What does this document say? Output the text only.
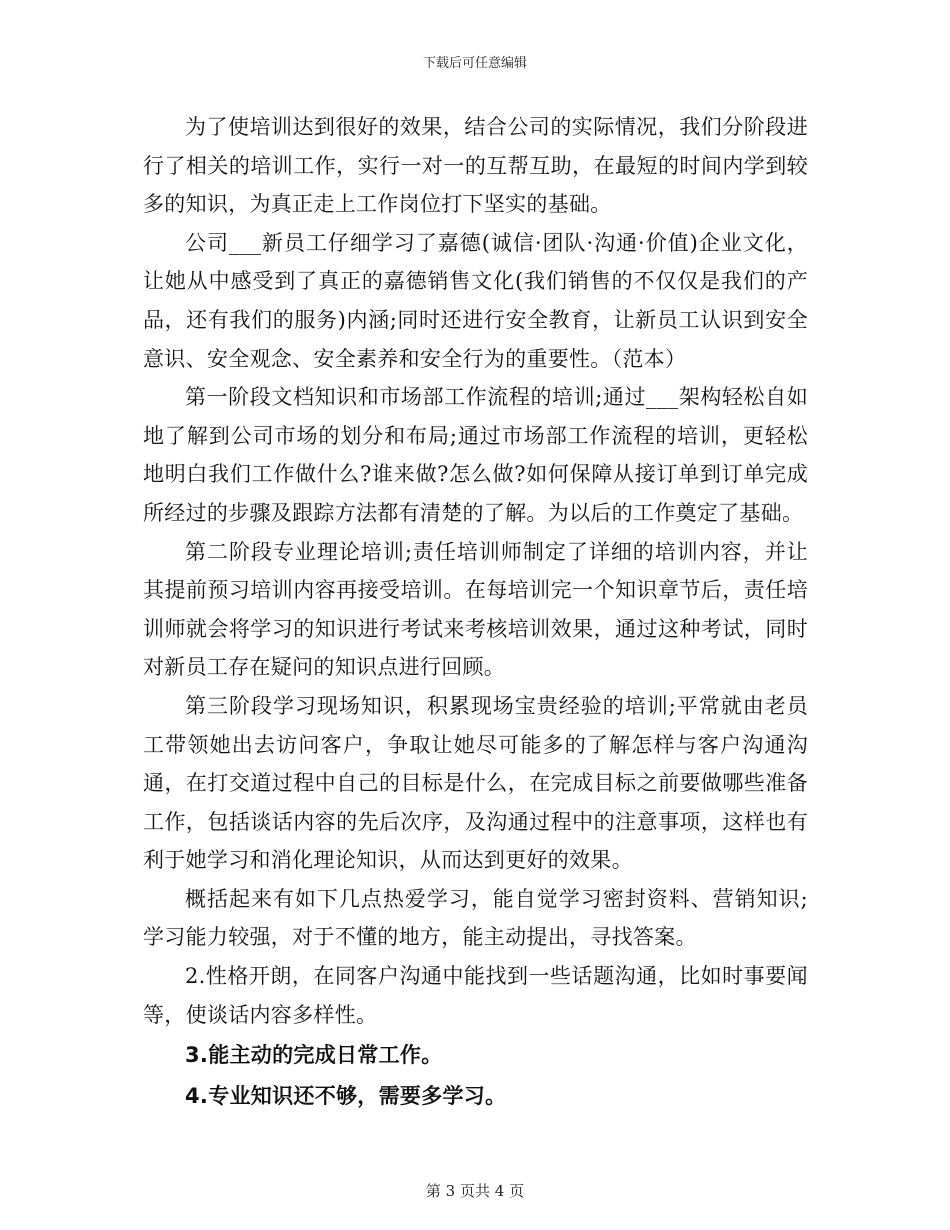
下载后可任意编辑

为了使培训达到很好的效果，结合公司的实际情况，我们分阶段进行了相关的培训工作，实行一对一的互帮互助，在最短的时间内学到较多的知识，为真正走上工作岗位打下坚实的基础。

公司___新员工仔细学习了嘉德(诚信·团队·沟通·价值)企业文化，让她从中感受到了真正的嘉德销售文化(我们销售的不仅仅是我们的产品，还有我们的服务)内涵;同时还进行安全教育，让新员工认识到安全意识、安全观念、安全素养和安全行为的重要性。（范本）

第一阶段文档知识和市场部工作流程的培训;通过___架构轻松自如地了解到公司市场的划分和布局;通过市场部工作流程的培训，更轻松地明白我们工作做什么?谁来做?怎么做?如何保障从接订单到订单完成所经过的步骤及跟踪方法都有清楚的了解。为以后的工作奠定了基础。

第二阶段专业理论培训;责任培训师制定了详细的培训内容，并让其提前预习培训内容再接受培训。在每培训完一个知识章节后，责任培训师就会将学习的知识进行考试来考核培训效果，通过这种考试，同时对新员工存在疑问的知识点进行回顾。

第三阶段学习现场知识，积累现场宝贵经验的培训;平常就由老员工带领她出去访问客户，争取让她尽可能多的了解怎样与客户沟通沟通，在打交道过程中自己的目标是什么，在完成目标之前要做哪些准备工作，包括谈话内容的先后次序，及沟通过程中的注意事项，这样也有利于她学习和消化理论知识，从而达到更好的效果。

概括起来有如下几点热爱学习，能自觉学习密封资料、营销知识;学习能力较强，对于不懂的地方，能主动提出，寻找答案。

2.性格开朗，在同客户沟通中能找到一些话题沟通，比如时事要闻等，使谈话内容多样性。

3.能主动的完成日常工作。

4.专业知识还不够，需要多学习。

第 3 页共 4 页
